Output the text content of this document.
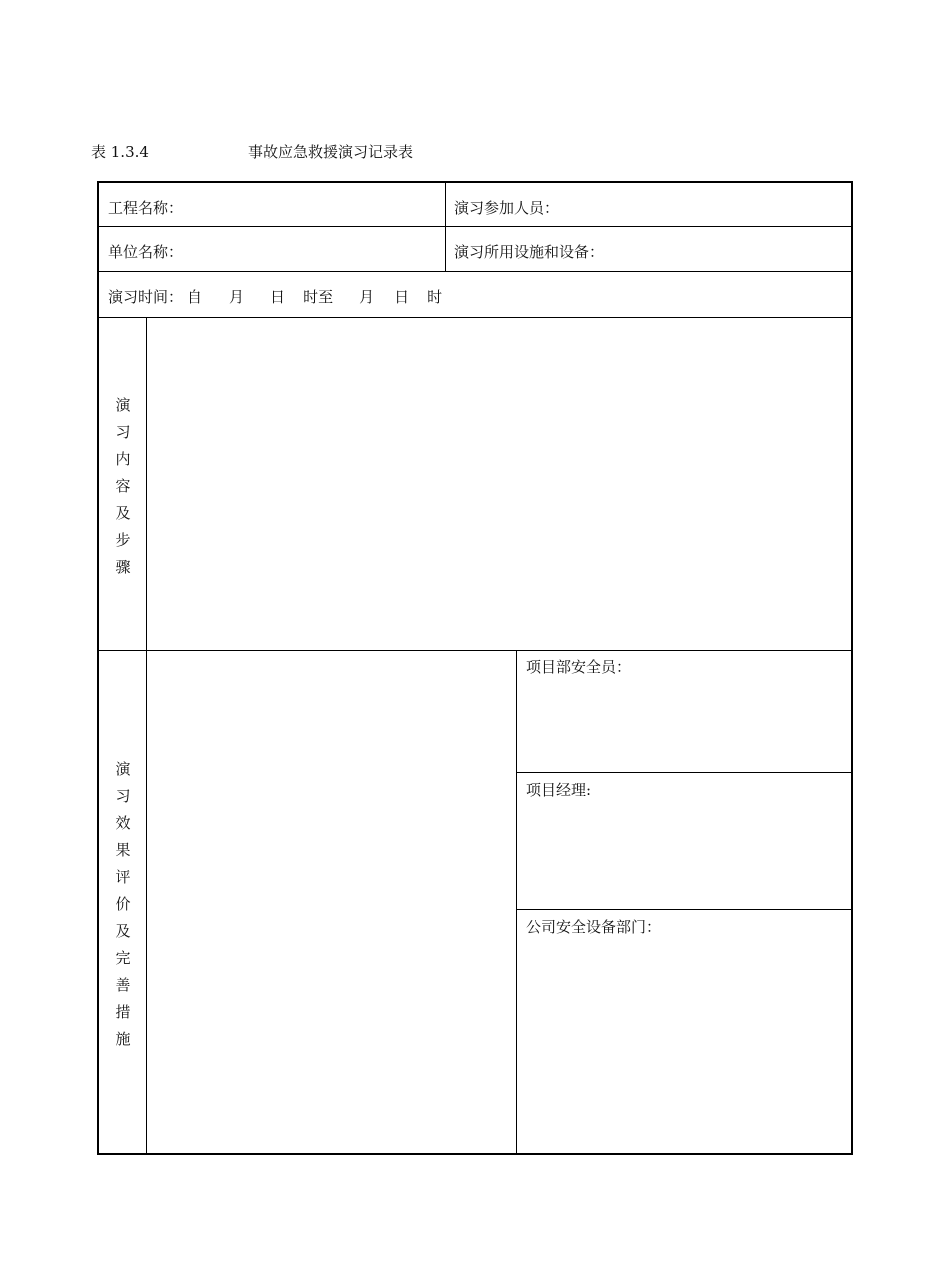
表 1.3.4	事故应急救援演习记录表
工程名称：	演习参加人员：
单位名称：	演习所用设施和设备：
演习时间： 自 月 日 时至 月 日 时
演
习
内
容
及
步
骤
演
习
效
果
评
价
及
完
善
措
施
项目部安全员：
项目经理:
公司安全设备部门：
